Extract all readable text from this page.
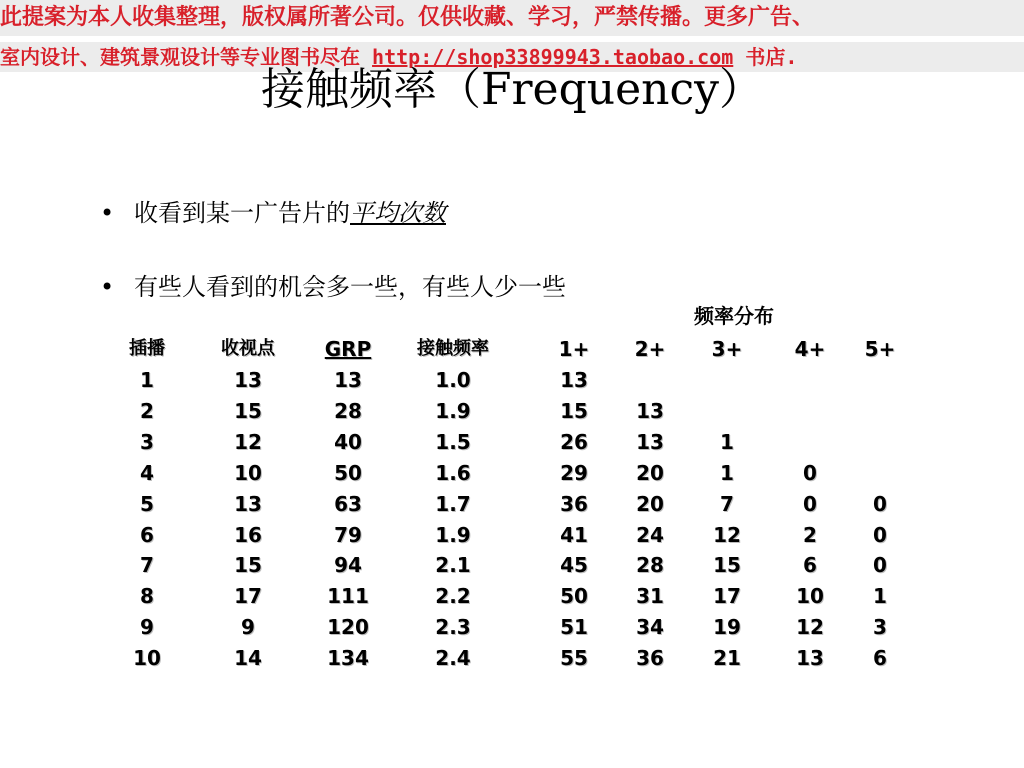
此提案为本人收集整理，版权属所著公司。仅供收藏、学习，严禁传播。更多广告、
室内设计、建筑景观设计等专业图书尽在 http://shop33899943.taobao.com 书店.
接触频率（Frequency）
• 收看到某一广告片的平均次数
• 有些人看到的机会多一些，有些人少一些
频率分布
插播	收视点 GRP	接触频率	1+ 2+ 3+	4+ 5+
1	13	13	1.0	13
2	15	28	1.9	15 13
3	12	40	1.5	26 13	1
4	10	50	1.6	29 20	1	0
5	13	63	1.7	36 20	7	0	0
6	16	79	1.9	41 24 12	2	0
7	15	94	2.1	45 28 15	6	0
8	17	111	2.2	50 31 17	10 1
9	9	120	2.3	51 34 19	12 3
10	14	134	2.4	55 36 21	13 6
